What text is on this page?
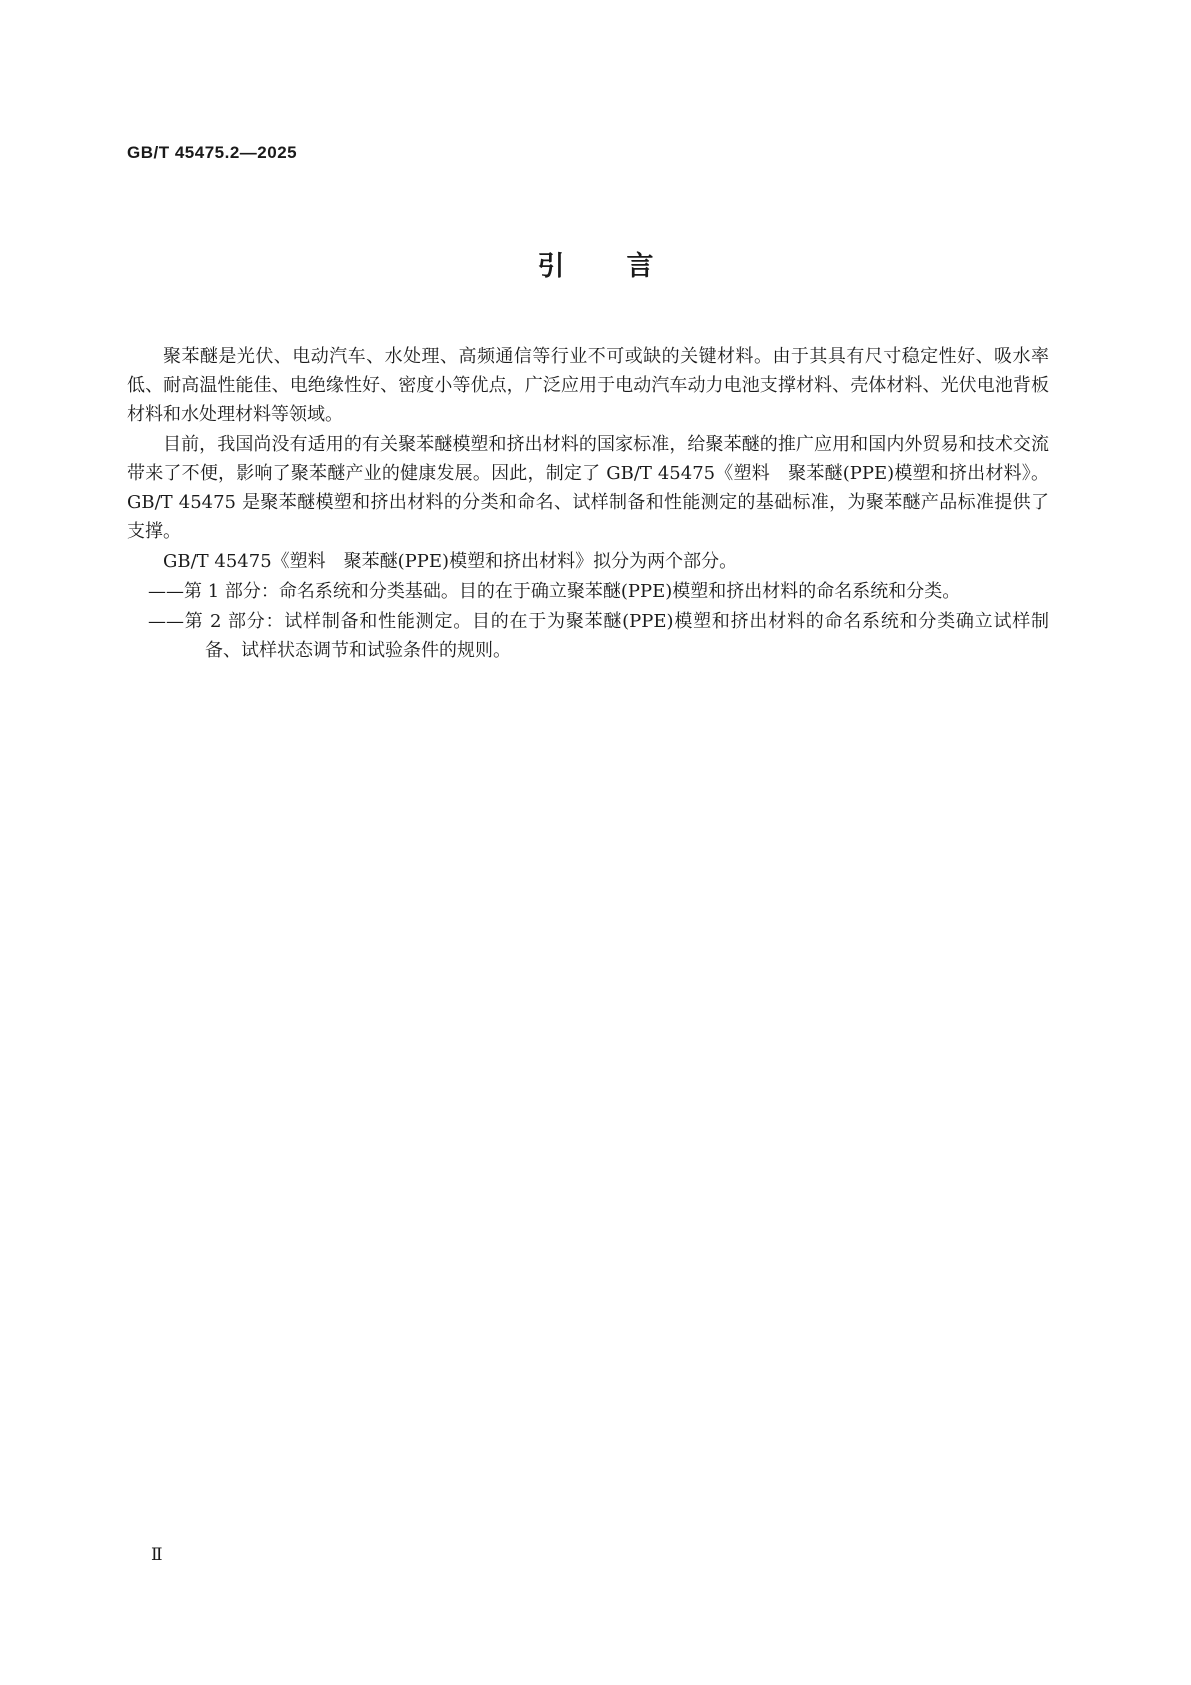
GB/T 45475.2—2025
引言

聚苯醚是光伏、电动汽车、水处理、高频通信等行业不可或缺的关键材料。由于其具有尺寸稳定性好、吸水率低、耐高温性能佳、电绝缘性好、密度小等优点，广泛应用于电动汽车动力电池支撑材料、壳体材料、光伏电池背板材料和水处理材料等领域。

目前，我国尚没有适用的有关聚苯醚模塑和挤出材料的国家标准，给聚苯醚的推广应用和国内外贸易和技术交流带来了不便，影响了聚苯醚产业的健康发展。因此，制定了 GB/T 45475《塑料　聚苯醚(PPE)模塑和挤出材料》。GB/T 45475 是聚苯醚模塑和挤出材料的分类和命名、试样制备和性能测定的基础标准，为聚苯醚产品标准提供了支撑。

GB/T 45475《塑料　聚苯醚(PPE)模塑和挤出材料》拟分为两个部分。

——第 1 部分：命名系统和分类基础。目的在于确立聚苯醚(PPE)模塑和挤出材料的命名系统和分类。

——第 2 部分：试样制备和性能测定。目的在于为聚苯醚(PPE)模塑和挤出材料的命名系统和分类确立试样制备、试样状态调节和试验条件的规则。

Ⅱ
